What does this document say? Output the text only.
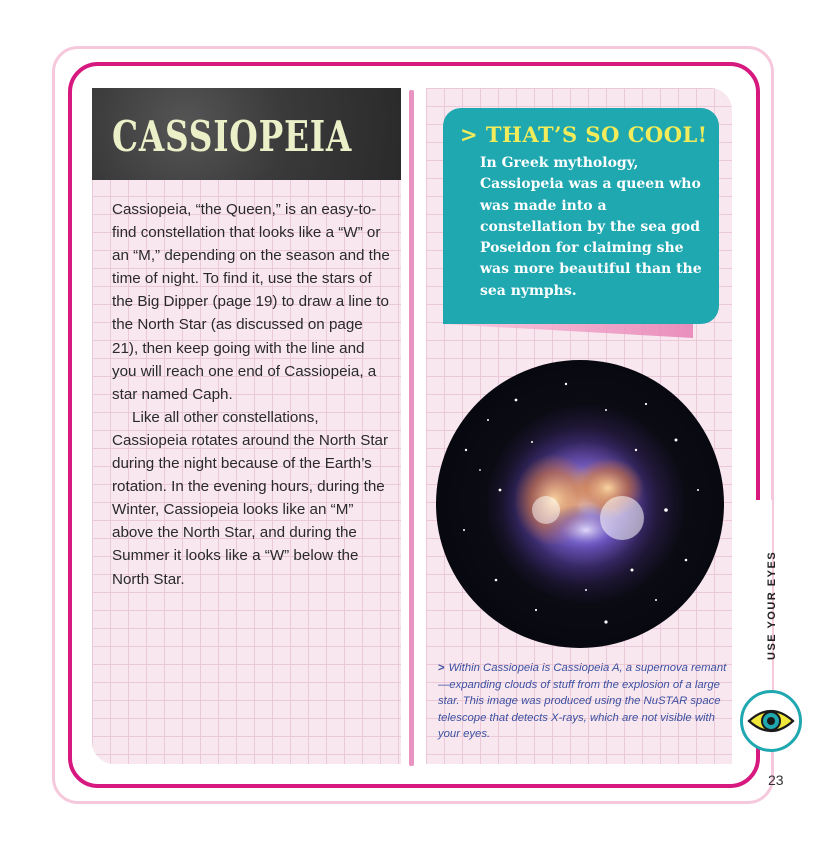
CASSIOPEIA

Cassiopeia, “the Queen,” is an easy-to-find constellation that looks like a “W” or an “M,” depending on the season and the time of night. To find it, use the stars of the Big Dipper (page 19) to draw a line to the North Star (as discussed on page 21), then keep going with the line and you will reach one end of Cassiopeia, a star named Caph.

Like all other constellations, Cassiopeia rotates around the North Star during the night because of the Earth’s rotation. In the evening hours, during the Winter, Cassiopeia looks like an “M” above the North Star, and during the Summer it looks like a “W” below the North Star.

> THAT’S SO COOL!
In Greek mythology, Cassiopeia was a queen who was made into a constellation by the sea god Poseidon for claiming she was more beautiful than the sea nymphs.
> Within Cassiopeia is Cassiopeia A, a supernova remant—expanding clouds of stuff from the explosion of a large star. This image was produced using the NuSTAR space telescope that detects X-rays, which are not visible with your eyes.
USE YOUR EYES
23
